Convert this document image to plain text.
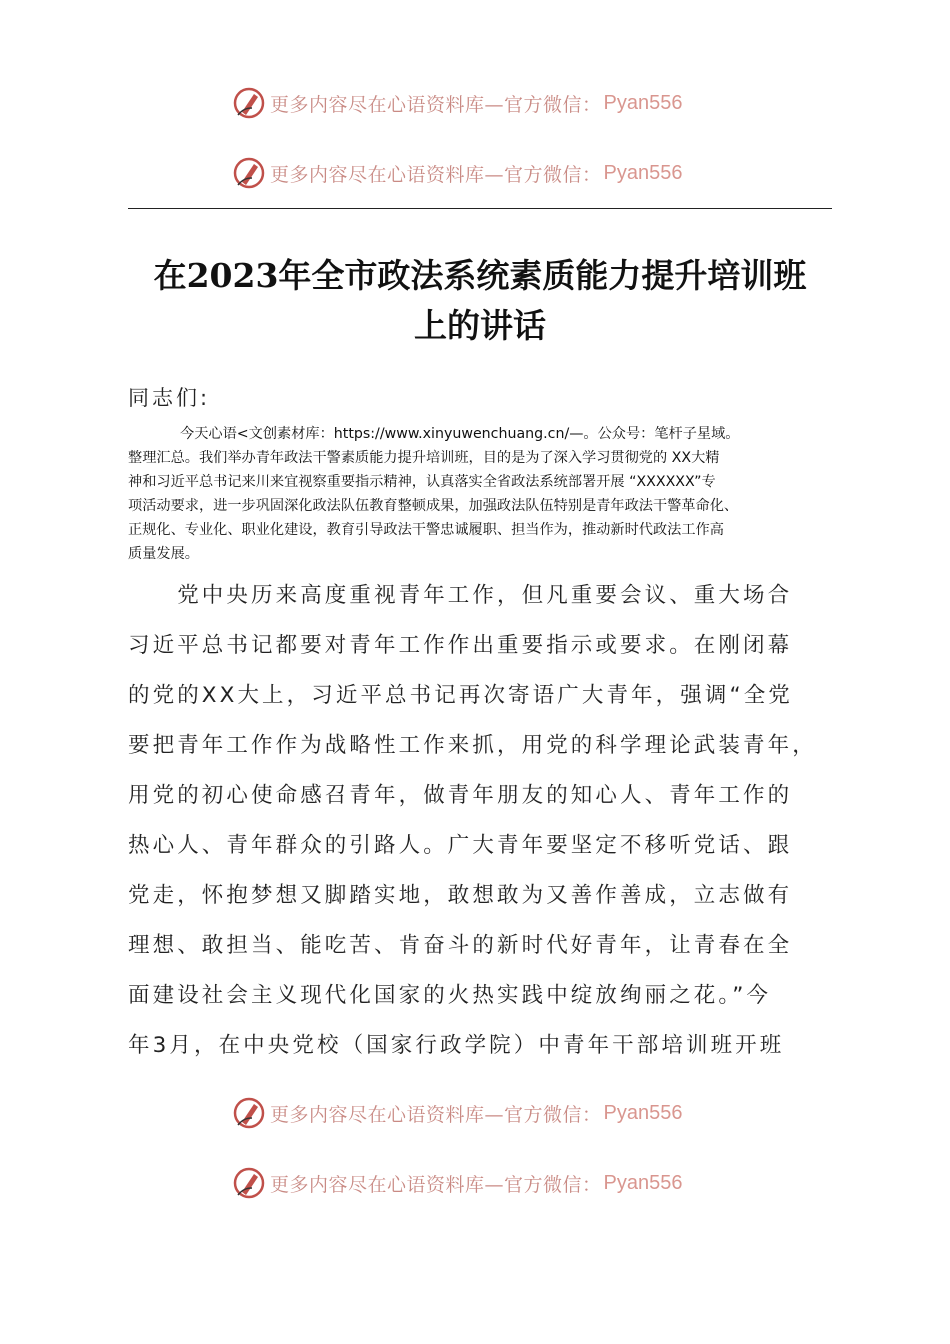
更多内容尽在心语资料库—官方微信： Pyan556
更多内容尽在心语资料库—官方微信： Pyan556
在2023年全市政法系统素质能力提升培训班
上的讲话
同志们:

今天心语<文创素材库：https://www.xinyuwenchuang.cn/—。公众号：笔杆子星域。

整理汇总。我们举办青年政法干警素质能力提升培训班，目的是为了深入学习贯彻党的 XX大精

神和习近平总书记来川来宜视察重要指示精神，认真落实全省政法系统部署开展 “XXXXXX”专

项活动要求，进一步巩固深化政法队伍教育整顿成果，加强政法队伍特别是青年政法干警革命化、

正规化、专业化、职业化建设，教育引导政法干警忠诚履职、担当作为，推动新时代政法工作高

质量发展。

　　党中央历来高度重视青年工作，但凡重要会议、重大场合

习近平总书记都要对青年工作作出重要指示或要求。在刚闭幕

的党的XX大上，习近平总书记再次寄语广大青年，强调“全党

要把青年工作作为战略性工作来抓，用党的科学理论武装青年，

用党的初心使命感召青年，做青年朋友的知心人、青年工作的

热心人、青年群众的引路人。广大青年要坚定不移听党话、跟

党走，怀抱梦想又脚踏实地，敢想敢为又善作善成，立志做有

理想、敢担当、能吃苦、肯奋斗的新时代好青年，让青春在全

面建设社会主义现代化国家的火热实践中绽放绚丽之花。”今

年3月，在中央党校（国家行政学院）中青年干部培训班开班

更多内容尽在心语资料库—官方微信： Pyan556
更多内容尽在心语资料库—官方微信： Pyan556
